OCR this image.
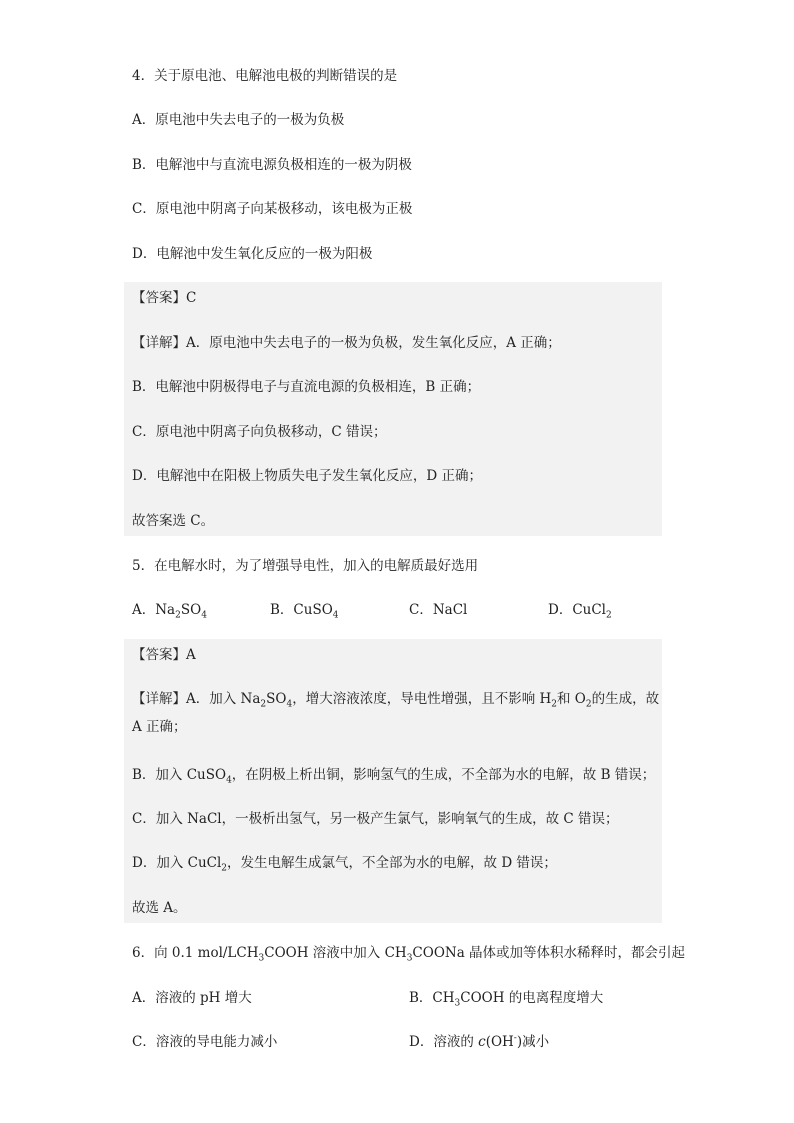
4．关于原电池、电解池电极的判断错误的是
A．原电池中失去电子的一极为负极
B．电解池中与直流电源负极相连的一极为阴极
C．原电池中阴离子向某极移动，该电极为正极
D．电解池中发生氧化反应的一极为阳极
【答案】C
【详解】A．原电池中失去电子的一极为负极，发生氧化反应，A 正确；
B．电解池中阴极得电子与直流电源的负极相连，B 正确；
C．原电池中阴离子向负极移动，C 错误；
D．电解池中在阳极上物质失电子发生氧化反应，D 正确；
故答案选 C。
5．在电解水时，为了增强导电性，加入的电解质最好选用
A．$Na_2SO_4$	B．CuSO$_4$	C．NaCl	D．CuCl$_2$
【答案】A
【详解】A．加入 $Na_2SO_4$，增大溶液浓度，导电性增强，且不影响 $H_2$和 $O_2$的生成，故 A 正确；
B．加入 CuSO$_4$，在阴极上析出铜，影响氢气的生成，不全部为水的电解，故 B 错误；
C．加入 NaCl，一极析出氢气，另一极产生氯气，影响氧气的生成，故 C 错误；
D．加入 CuCl$_2$，发生电解生成氯气，不全部为水的电解，故 D 错误；
故选 A。
6．向 0.1 mol/$LCH_3COOH$ 溶液中加入 $CH_3COONa$ 晶体或加等体积水稀释时，都会引起
A．溶液的 pH 增大	B．$CH_3COOH$ 的电离程度增大
C．溶液的导电能力减小	D．溶液的 c(OH-)减小
